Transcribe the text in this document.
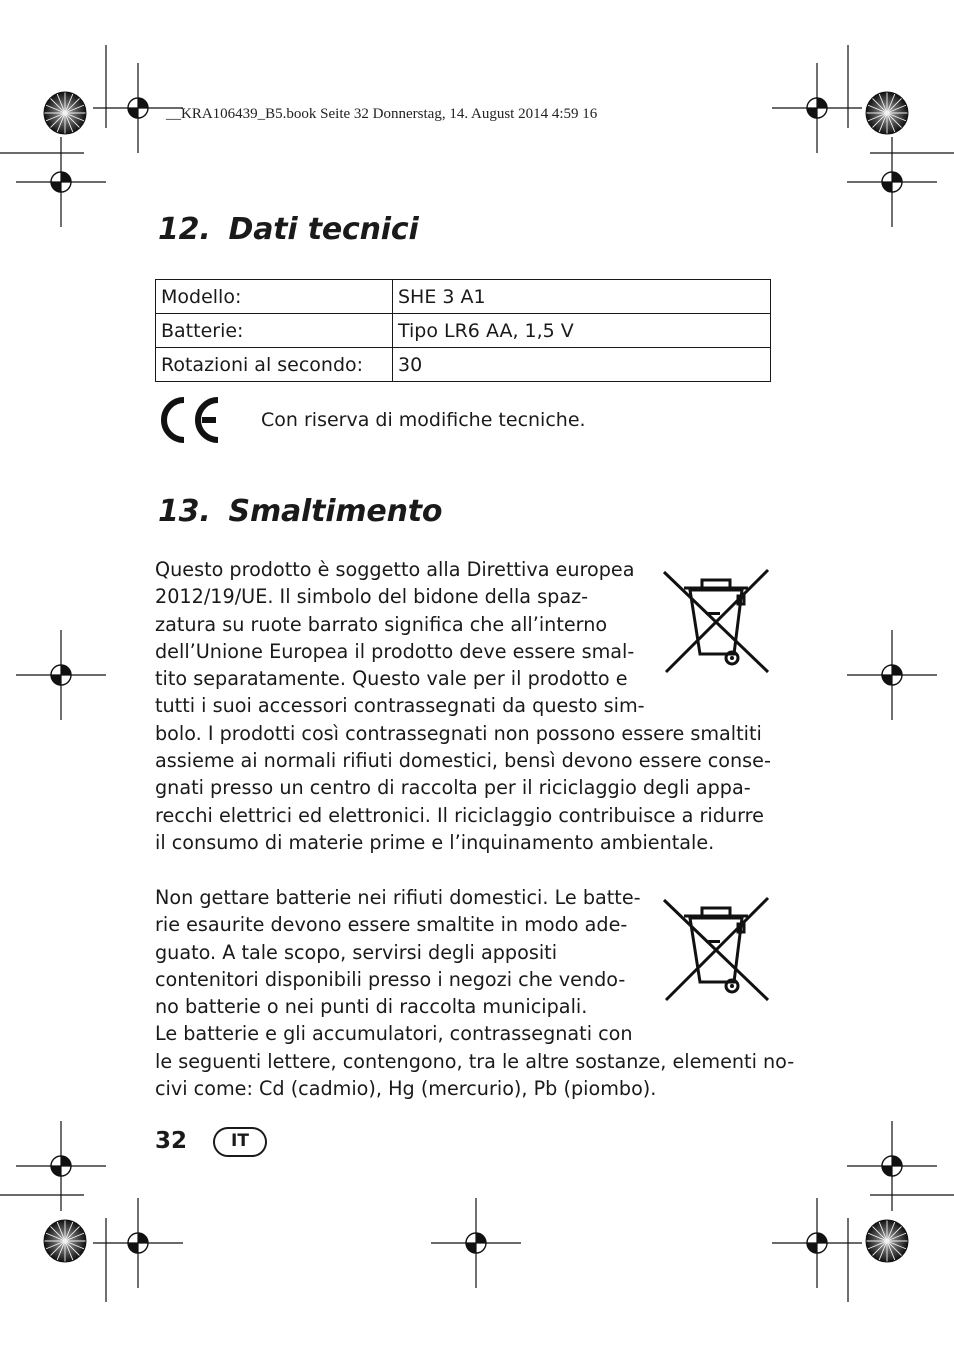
__KRA106439_B5.book Seite 32 Donnerstag, 14. August 2014 4:59 16
12. Dati tecnici
Modello:	SHE 3 A1
Batterie:	Tipo LR6 AA, 1,5 V
Rotazioni al secondo:	30
Con riserva di modifiche tecniche.
13. Smaltimento
Questo prodotto è soggetto alla Direttiva europea
2012/19/UE. Il simbolo del bidone della spaz-
zatura su ruote barrato significa che all’interno
dell’Unione Europea il prodotto deve essere smal-
tito separatamente. Questo vale per il prodotto e
tutti i suoi accessori contrassegnati da questo sim-
bolo. I prodotti così contrassegnati non possono essere smaltiti
assieme ai normali rifiuti domestici, bensì devono essere conse-
gnati presso un centro di raccolta per il riciclaggio degli appa-
recchi elettrici ed elettronici. Il riciclaggio contribuisce a ridurre
il consumo di materie prime e l’inquinamento ambientale.
Non gettare batterie nei rifiuti domestici. Le batte-
rie esaurite devono essere smaltite in modo ade-
guato. A tale scopo, servirsi degli appositi
contenitori disponibili presso i negozi che vendo-
no batterie o nei punti di raccolta municipali.
Le batterie e gli accumulatori, contrassegnati con
le seguenti lettere, contengono, tra le altre sostanze, elementi no-
civi come: Cd (cadmio), Hg (mercurio), Pb (piombo).
32	IT
